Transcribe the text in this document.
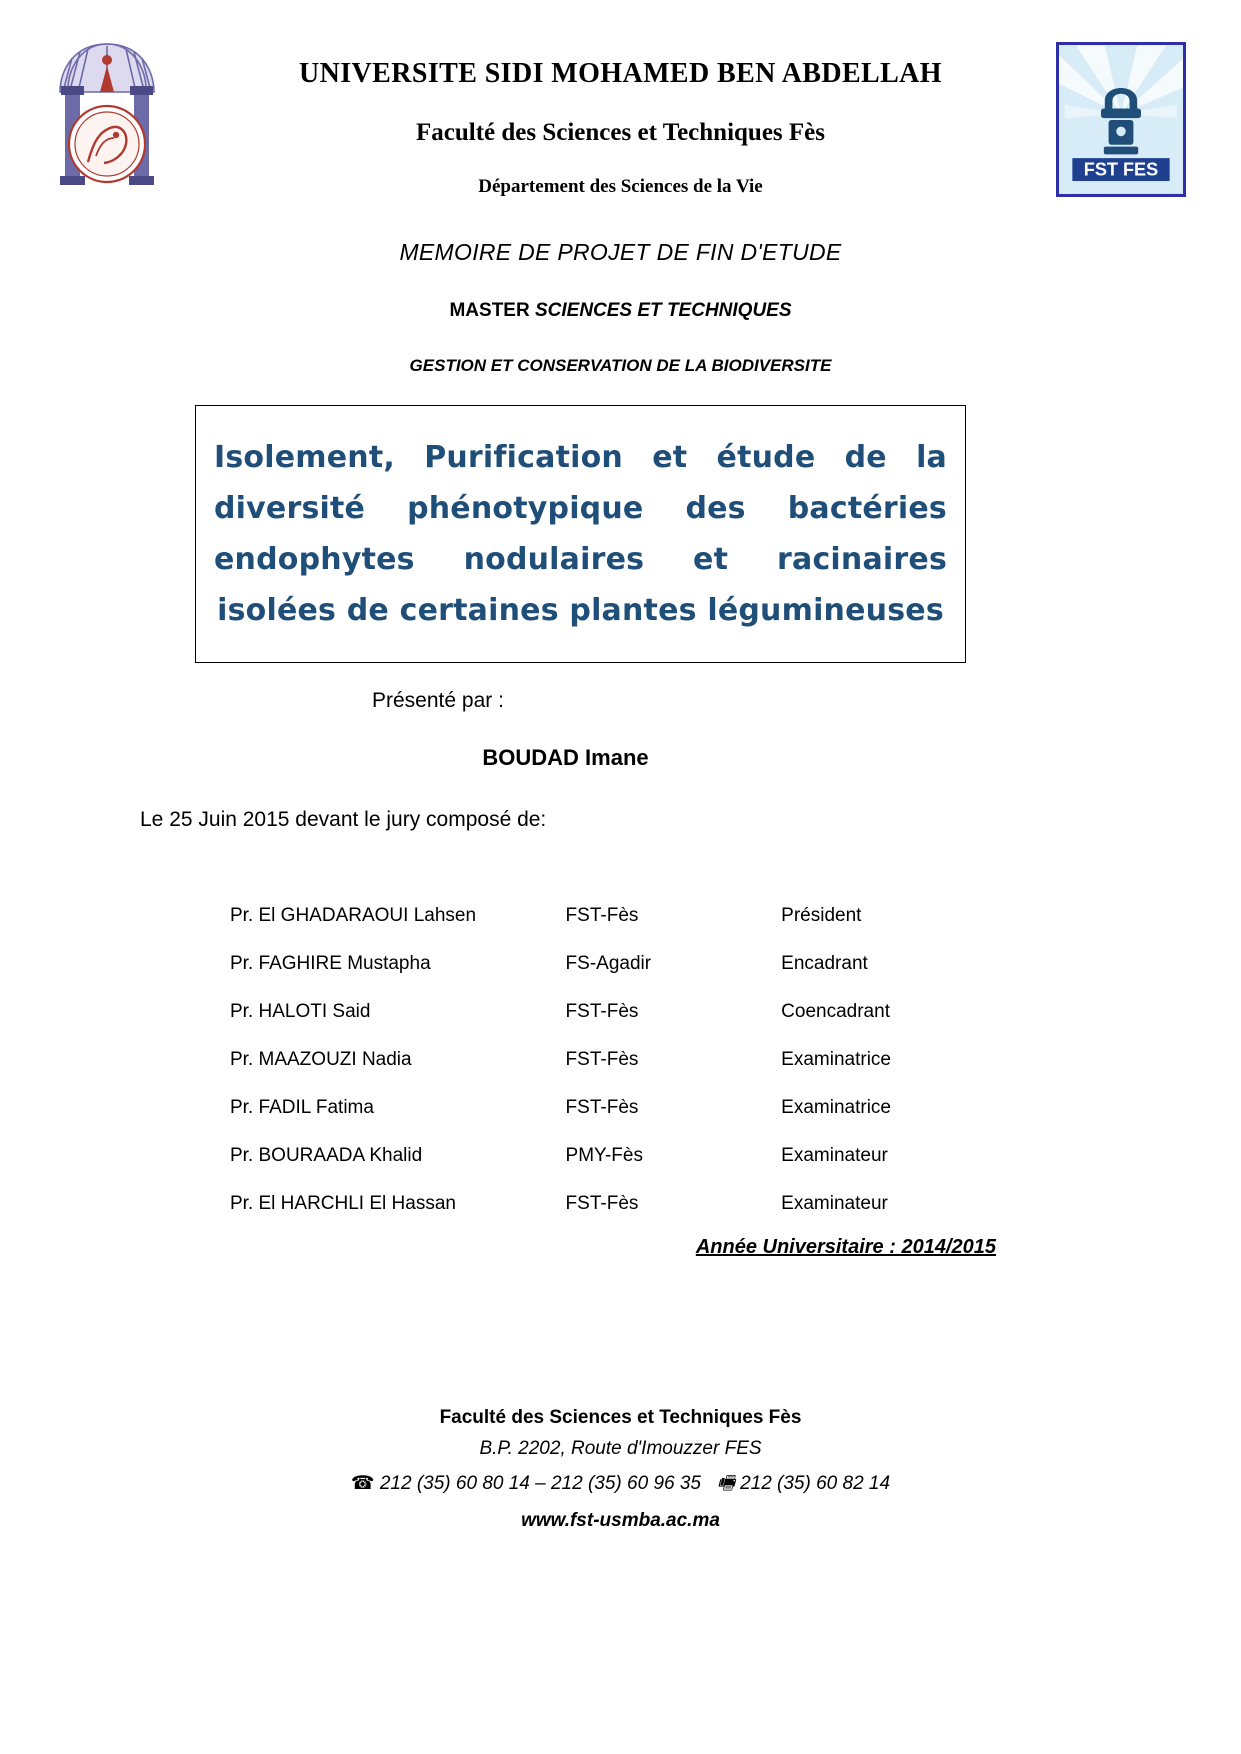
FST FES
UNIVERSITE SIDI MOHAMED BEN ABDELLAH
Faculté des Sciences et Techniques Fès
Département des Sciences de la Vie
MEMOIRE DE PROJET DE FIN D'ETUDE
MASTER SCIENCES ET TECHNIQUES
GESTION ET CONSERVATION DE LA BIODIVERSITE
Isolement, Purification et étude de la diversité phénotypique des bactéries endophytes nodulaires et racinaires isolées de certaines plantes légumineuses
Présenté par :
BOUDAD Imane
Le 25 Juin 2015 devant le jury composé de:
Pr. El GHADARAOUI Lahsen	FST-Fès	Président
Pr. FAGHIRE Mustapha	FS-Agadir	Encadrant
Pr. HALOTI Said	FST-Fès	Coencadrant
Pr. MAAZOUZI Nadia	FST-Fès	Examinatrice
Pr. FADIL Fatima	FST-Fès	Examinatrice
Pr. BOURAADA Khalid	PMY-Fès	Examinateur
Pr. El HARCHLI El Hassan	FST-Fès	Examinateur
Année Universitaire : 2014/2015
Faculté des Sciences et Techniques Fès
B.P. 2202, Route d'Imouzzer FES
☎ 212 (35) 60 80 14 – 212 (35) 60 96 35 🖷 212 (35) 60 82 14
www.fst-usmba.ac.ma
